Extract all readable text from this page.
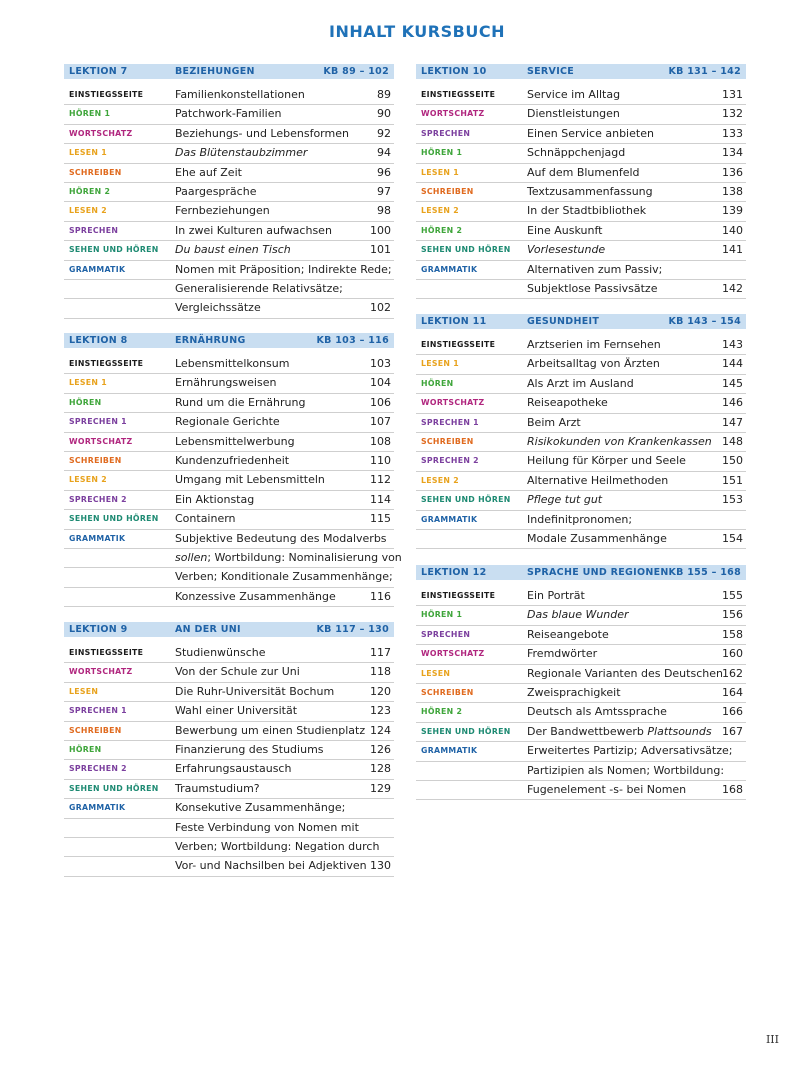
INHALT KURSBUCH
LEKTION 7	BEZIEHUNGEN	KB 89 – 102
EINSTIEGSSEITE	Familienkonstellationen	89
HÖREN 1	Patchwork-Familien	90
WORTSCHATZ	Beziehungs- und Lebensformen	92
LESEN 1	Das Blütenstaubzimmer	94
SCHREIBEN	Ehe auf Zeit	96
HÖREN 2	Paargespräche	97
LESEN 2	Fernbeziehungen	98
SPRECHEN	In zwei Kulturen aufwachsen	100
SEHEN UND HÖREN Du baust einen Tisch	101
GRAMMATIK	Nomen mit Präposition; Indirekte Rede;
Generalisierende Relativsätze;
Vergleichssätze	102
LEKTION 8	ERNÄHRUNG	KB 103 – 116
EINSTIEGSSEITE	Lebensmittelkonsum	103
LESEN 1	Ernährungsweisen	104
HÖREN	Rund um die Ernährung	106
SPRECHEN 1	Regionale Gerichte	107
WORTSCHATZ	Lebensmittelwerbung	108
SCHREIBEN	Kundenzufriedenheit	110
LESEN 2	Umgang mit Lebensmitteln	112
SPRECHEN 2	Ein Aktionstag	114
SEHEN UND HÖREN Containern	115
GRAMMATIK	Subjektive Bedeutung des Modalverbs
sollen; Wortbildung: Nominalisierung von
Verben; Konditionale Zusammenhänge;
Konzessive Zusammenhänge	116
LEKTION 9	AN DER UNI	KB 117 – 130
EINSTIEGSSEITE	Studienwünsche	117
WORTSCHATZ	Von der Schule zur Uni	118
LESEN	Die Ruhr-Universität Bochum	120
SPRECHEN 1	Wahl einer Universität	123
SCHREIBEN	Bewerbung um einen Studienplatz 124
HÖREN	Finanzierung des Studiums	126
SPRECHEN 2	Erfahrungsaustausch	128
SEHEN UND HÖREN Traumstudium?	129
GRAMMATIK	Konsekutive Zusammenhänge;
Feste Verbindung von Nomen mit
Verben; Wortbildung: Negation durch
Vor- und Nachsilben bei Adjektiven 130
LEKTION 10	SERVICE	KB 131 – 142
EINSTIEGSSEITE	Service im Alltag	131
WORTSCHATZ	Dienstleistungen	132
SPRECHEN	Einen Service anbieten	133
HÖREN 1	Schnäppchenjagd	134
LESEN 1	Auf dem Blumenfeld	136
SCHREIBEN	Textzusammenfassung	138
LESEN 2	In der Stadtbibliothek	139
HÖREN 2	Eine Auskunft	140
SEHEN UND HÖREN Vorlesestunde	141
GRAMMATIK	Alternativen zum Passiv;
Subjektlose Passivsätze	142
LEKTION 11	GESUNDHEIT	KB 143 – 154
EINSTIEGSSEITE	Arztserien im Fernsehen	143
LESEN 1	Arbeitsalltag von Ärzten	144
HÖREN	Als Arzt im Ausland	145
WORTSCHATZ	Reiseapotheke	146
SPRECHEN 1	Beim Arzt	147
SCHREIBEN	Risikokunden von Krankenkassen 148
SPRECHEN 2	Heilung für Körper und Seele	150
LESEN 2	Alternative Heilmethoden	151
SEHEN UND HÖREN Pflege tut gut	153
GRAMMATIK	Indefinitpronomen;
Modale Zusammenhänge	154
LEKTION 12	SPRACHE UND REGIONEN KB 155 – 168
EINSTIEGSSEITE	Ein Porträt	155
HÖREN 1	Das blaue Wunder	156
SPRECHEN	Reiseangebote	158
WORTSCHATZ	Fremdwörter	160
LESEN	Regionale Varianten des Deutschen 162
SCHREIBEN	Zweisprachigkeit	164
HÖREN 2	Deutsch als Amtssprache	166
SEHEN UND HÖREN Der Bandwettbewerb Plattsounds 167
GRAMMATIK	Erweitertes Partizip; Adversativsätze;
Partizipien als Nomen; Wortbildung:
Fugenelement -s- bei Nomen	168
III
